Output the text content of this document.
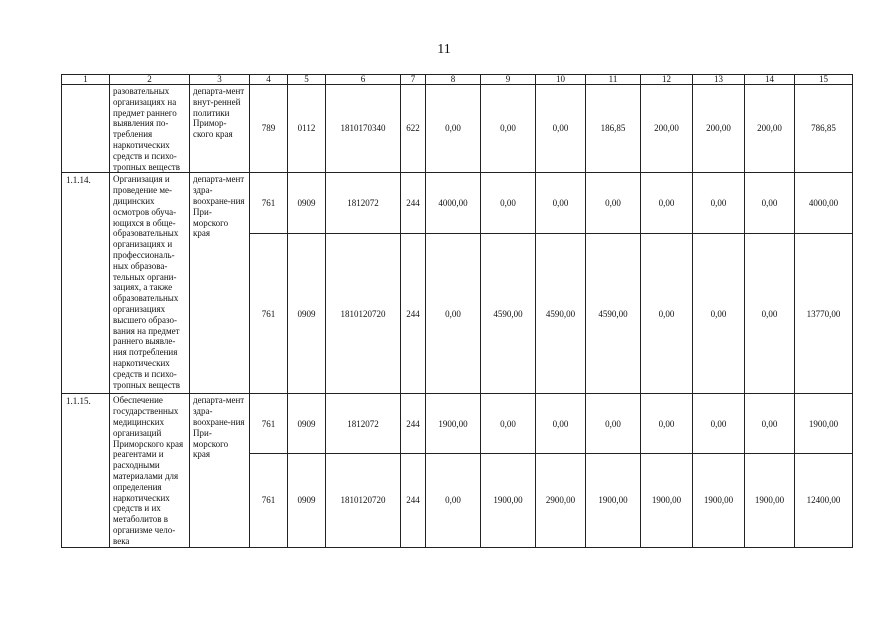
11
1	2	3	4	5	6	7	8	9	10	11	12	13	14	15
	разовательных организациях на предмет раннего выявления по-требления наркотических средств и психо-тропных веществ	департа-мент внут-ренней политики Примор-ского края	789	0112	1810170340	622	0,00	0,00	0,00	186,85	200,00	200,00	200,00	786,85
1.1.14.	Организация и проведение ме-дицинских осмотров обуча-ющихся в обще-образовательных организациях и профессиональ-ных образова-тельных органи-зациях, а также образовательных организациях высшего образо-вания на предмет раннего выявле-ния потребления наркотических средств и психо-тропных веществ	департа-мент здра-воохране-ния При-морского края	761	0909	1812072	244	4000,00	0,00	0,00	0,00	0,00	0,00	0,00	4000,00
			761	0909	1810120720	244	0,00	4590,00	4590,00	4590,00	0,00	0,00	0,00	13770,00
1.1.15.	Обеспечение государственных медицинских организаций Приморского края реагентами и расходными материалами для определения наркотических средств и их метаболитов в организме чело-века	департа-мент здра-воохране-ния При-морского края	761	0909	1812072	244	1900,00	0,00	0,00	0,00	0,00	0,00	0,00	1900,00
			761	0909	1810120720	244	0,00	1900,00	2900,00	1900,00	1900,00	1900,00	1900,00	12400,00
